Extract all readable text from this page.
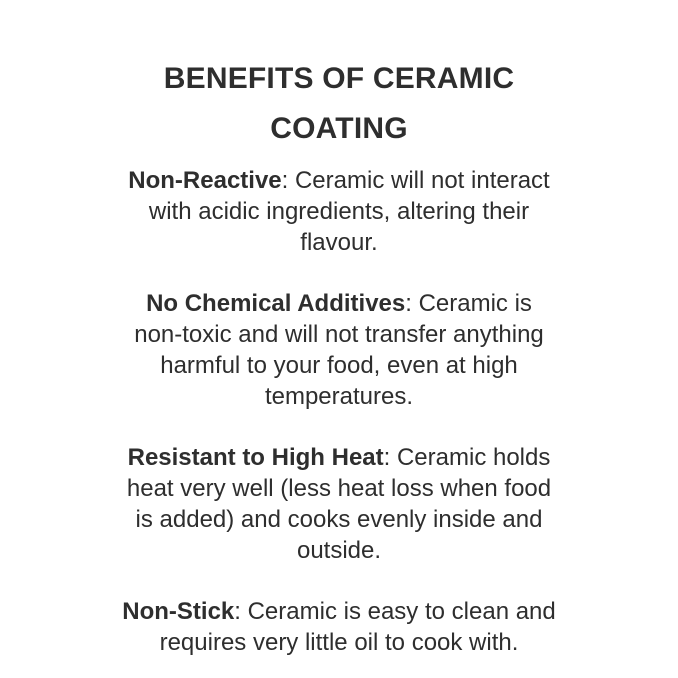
BENEFITS OF CERAMIC COATING

Non-Reactive: Ceramic will not interact with acidic ingredients, altering their flavour.

No Chemical Additives: Ceramic is non-toxic and will not transfer anything harmful to your food, even at high temperatures.

Resistant to High Heat: Ceramic holds heat very well (less heat loss when food is added) and cooks evenly inside and outside.

Non-Stick: Ceramic is easy to clean and requires very little oil to cook with.
